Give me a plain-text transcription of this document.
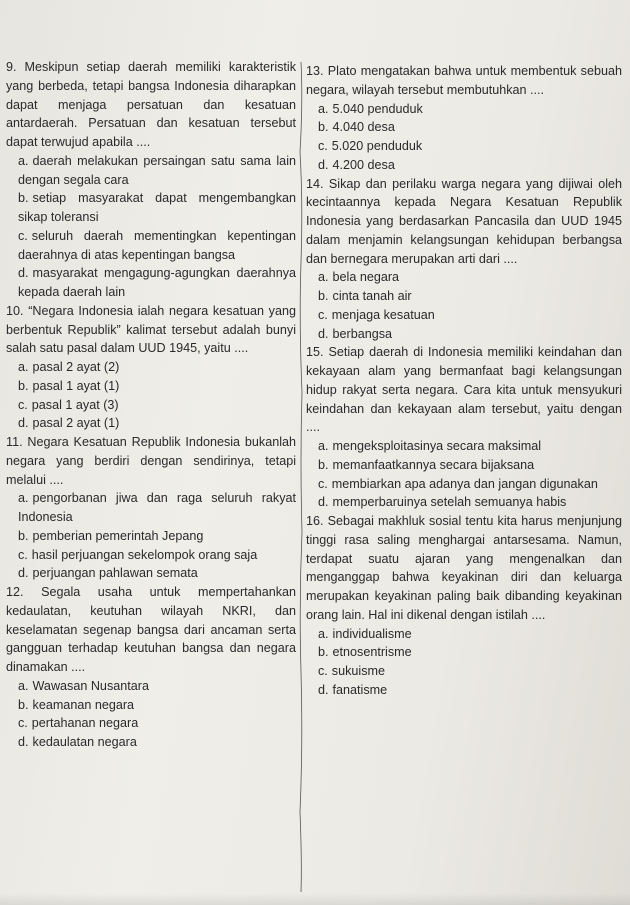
9. Meskipun setiap daerah memiliki karakteristik yang berbeda, tetapi bangsa Indonesia diharapkan dapat menjaga persatuan dan kesatuan antardaerah. Persatuan dan kesatuan tersebut dapat terwujud apabila ....
a. daerah melakukan persaingan satu sama lain dengan segala cara
b. setiap masyarakat dapat mengembangkan sikap toleransi
c. seluruh daerah mementingkan kepentingan daerahnya di atas kepentingan bangsa
d. masyarakat mengagung-agungkan daerahnya kepada daerah lain
10. “Negara Indonesia ialah negara kesatuan yang berbentuk Republik” kalimat tersebut adalah bunyi salah satu pasal dalam UUD 1945, yaitu ....
a. pasal 2 ayat (2)
b. pasal 1 ayat (1)
c. pasal 1 ayat (3)
d. pasal 2 ayat (1)
11. Negara Kesatuan Republik Indonesia bukanlah negara yang berdiri dengan sendirinya, tetapi melalui ....
a. pengorbanan jiwa dan raga seluruh rakyat Indonesia
b. pemberian pemerintah Jepang
c. hasil perjuangan sekelompok orang saja
d. perjuangan pahlawan semata
12. Segala usaha untuk mempertahankan kedaulatan, keutuhan wilayah NKRI, dan keselamatan segenap bangsa dari ancaman serta gangguan terhadap keutuhan bangsa dan negara dinamakan ....
a. Wawasan Nusantara
b. keamanan negara
c. pertahanan negara
d. kedaulatan negara
13. Plato mengatakan bahwa untuk membentuk sebuah negara, wilayah tersebut membutuhkan ....
a. 5.040 penduduk
b. 4.040 desa
c. 5.020 penduduk
d. 4.200 desa
14. Sikap dan perilaku warga negara yang dijiwai oleh kecintaannya kepada Negara Kesatuan Republik Indonesia yang berdasarkan Pancasila dan UUD 1945 dalam menjamin kelangsungan kehidupan berbangsa dan bernegara merupakan arti dari ....
a. bela negara
b. cinta tanah air
c. menjaga kesatuan
d. berbangsa
15. Setiap daerah di Indonesia memiliki keindahan dan kekayaan alam yang bermanfaat bagi kelangsungan hidup rakyat serta negara. Cara kita untuk mensyukuri keindahan dan kekayaan alam tersebut, yaitu dengan ....
a. mengeksploitasinya secara maksimal
b. memanfaatkannya secara bijaksana
c. membiarkan apa adanya dan jangan digunakan
d. memperbaruinya setelah semuanya habis
16. Sebagai makhluk sosial tentu kita harus menjunjung tinggi rasa saling menghargai antarsesama. Namun, terdapat suatu ajaran yang mengenalkan dan menganggap bahwa keyakinan diri dan keluarga merupakan keyakinan paling baik dibanding keyakinan orang lain. Hal ini dikenal dengan istilah ....
a. individualisme
b. etnosentrisme
c. sukuisme
d. fanatisme
